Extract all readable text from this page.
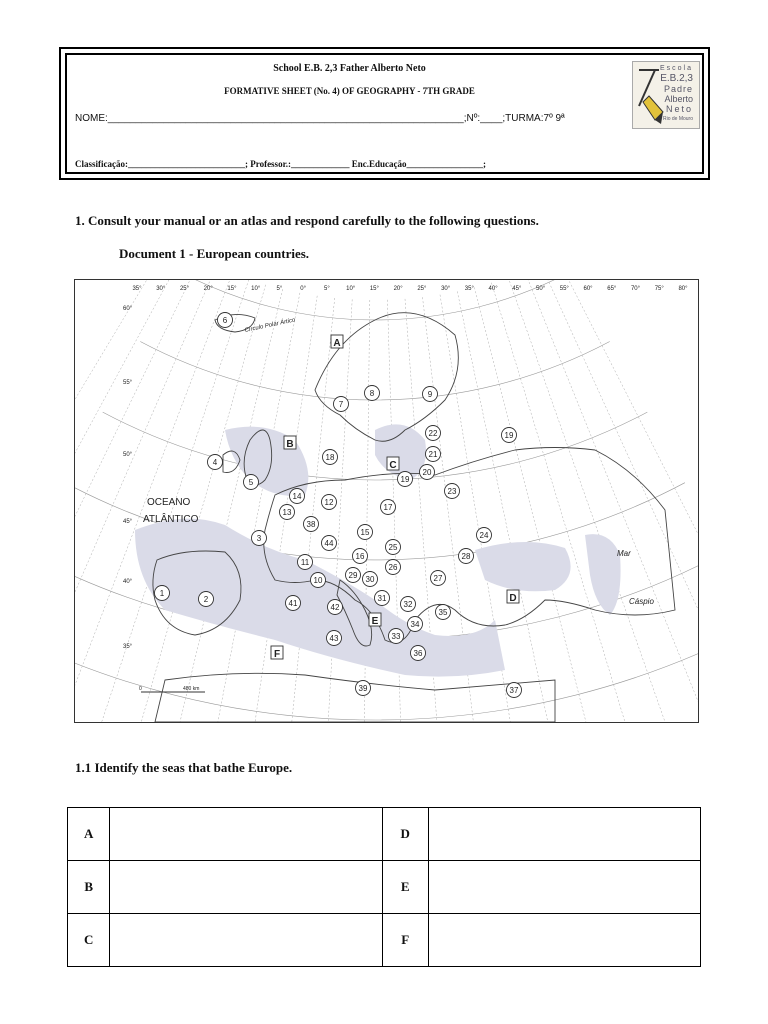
School E.B. 2,3 Father Alberto Neto
FORMATIVE SHEET (No. 4) OF GEOGRAPHY - 7TH GRADE
NOME:________________________________________________________________;Nº:____;TURMA:7º 9ª
Classificação:__________________________; Professor.:_____________ Enc.Educação_________________;
Escola
E.B.2,3
Padre
Alberto
Neto
Rio de Mouro
1. Consult your manual or an atlas and respond carefully to the following questions.
Document 1 - European countries.
35° 30° 25° 20° 15° 10°	5°	0°	5°	10° 15° 20° 25° 30° 35° 40° 45° 50° 55° 60° 65° 70° 75° 80°
60°
55°
50°
45°
40°
35°
Círculo Polar Ártico
OCEANO
ATLÂNTICO
Mar
Cáspio
0	480 km
A
B
C
D
E
F
1
2
3
4
5
6
7
8	9
10
11
12
13
14
15
16
17
18
19
19
20
21
22
23
24
25
26
27
28
29 30
31
32
33
34
35
36
37
38
39
41	42
43
44
1.1 Identify the seas that bathe Europe.
A		D	
B		E	
C		F	
